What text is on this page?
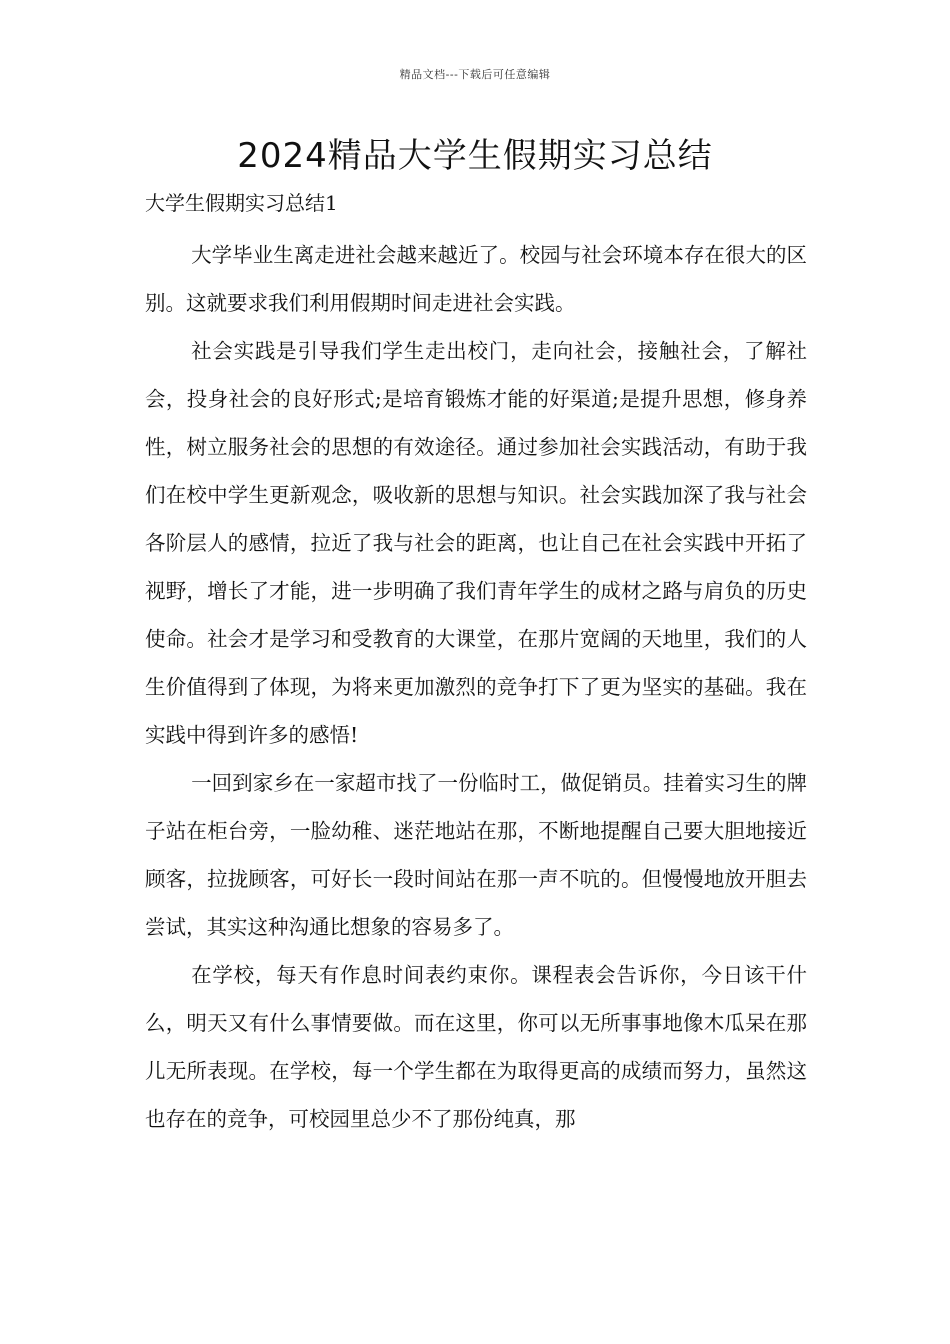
精品文档---下载后可任意编辑
2024精品大学生假期实习总结
大学生假期实习总结1

大学毕业生离走进社会越来越近了。校园与社会环境本存在很大的区别。这就要求我们利用假期时间走进社会实践。

社会实践是引导我们学生走出校门，走向社会，接触社会，了解社会，投身社会的良好形式;是培育锻炼才能的好渠道;是提升思想，修身养性，树立服务社会的思想的有效途径。通过参加社会实践活动，有助于我们在校中学生更新观念，吸收新的思想与知识。社会实践加深了我与社会各阶层人的感情，拉近了我与社会的距离，也让自己在社会实践中开拓了视野，增长了才能，进一步明确了我们青年学生的成材之路与肩负的历史使命。社会才是学习和受教育的大课堂，在那片宽阔的天地里，我们的人生价值得到了体现，为将来更加激烈的竞争打下了更为坚实的基础。我在实践中得到许多的感悟!

一回到家乡在一家超市找了一份临时工，做促销员。挂着实习生的牌子站在柜台旁，一脸幼稚、迷茫地站在那，不断地提醒自己要大胆地接近顾客，拉拢顾客，可好长一段时间站在那一声不吭的。但慢慢地放开胆去尝试，其实这种沟通比想象的容易多了。

在学校，每天有作息时间表约束你。课程表会告诉你，今日该干什么，明天又有什么事情要做。而在这里，你可以无所事事地像木瓜呆在那儿无所表现。在学校，每一个学生都在为取得更高的成绩而努力，虽然这也存在的竞争，可校园里总少不了那份纯真，那
